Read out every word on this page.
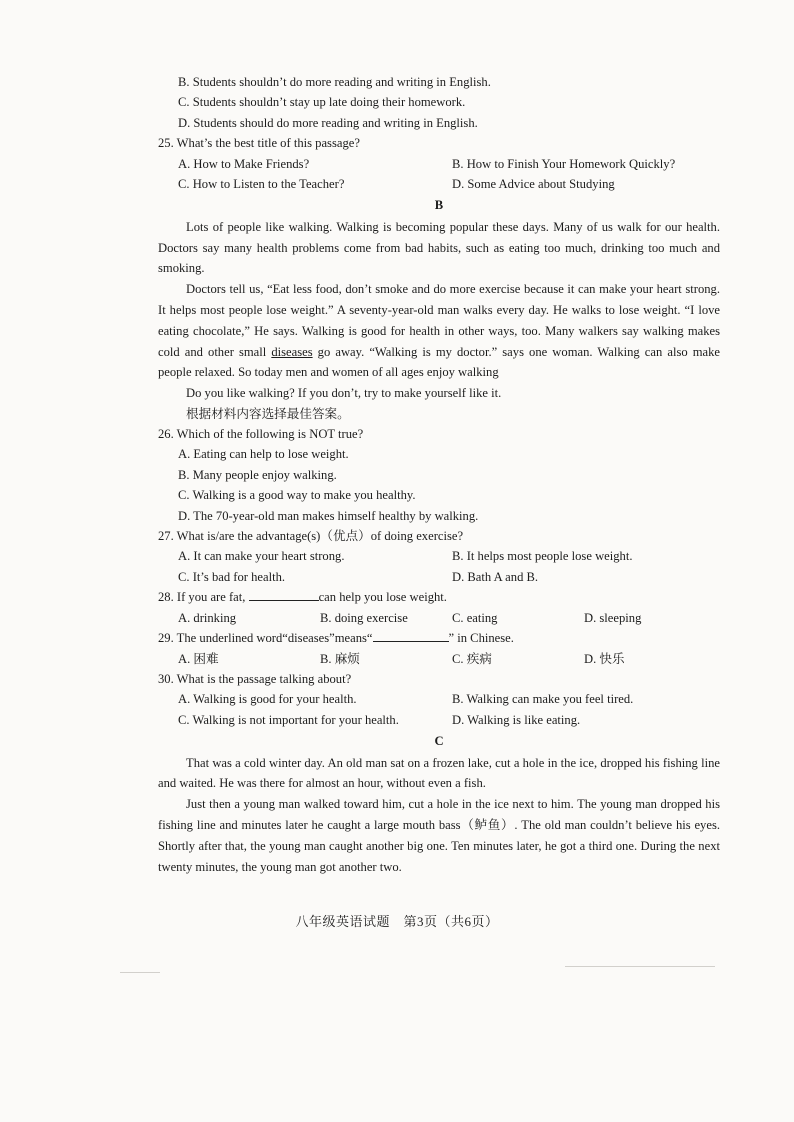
B. Students shouldn’t do more reading and writing in English.
C. Students shouldn’t stay up late doing their homework.
D. Students should do more reading and writing in English.
25. What’s the best title of this passage?
A. How to Make Friends?	B. How to Finish Your Homework Quickly?
C. How to Listen to the Teacher?	D. Some Advice about Studying
B

Lots of people like walking. Walking is becoming popular these days. Many of us walk for our health. Doctors say many health problems come from bad habits, such as eating too much, drinking too much and smoking.

Doctors tell us, “Eat less food, don’t smoke and do more exercise because it can make your heart strong. It helps most people lose weight.” A seventy-year-old man walks every day. He walks to lose weight. “I love eating chocolate,” He says. Walking is good for health in other ways, too. Many walkers say walking makes cold and other small diseases go away. “Walking is my doctor.” says one woman. Walking can also make people relaxed. So today men and women of all ages enjoy walking

Do you like walking? If you don’t, try to make yourself like it.
根据材料内容选择最佳答案。
26. Which of the following is NOT true?
A. Eating can help to lose weight.
B. Many people enjoy walking.
C. Walking is a good way to make you healthy.
D. The 70-year-old man makes himself healthy by walking.
27. What is/are the advantage(s)（优点）of doing exercise?
A. It can make your heart strong.	B. It helps most people lose weight.
C. It’s bad for health.	D. Bath A and B.
28. If you are fat,	can help you lose weight.
A. drinking	B. doing exercise	C. eating	D. sleeping
29. The underlined word“diseases”means“	” in Chinese.
A. 困难	B. 麻烦	C. 疾病	D. 快乐
30. What is the passage talking about?
A. Walking is good for your health.	B. Walking can make you feel tired.
C. Walking is not important for your health.	D. Walking is like eating.
C

That was a cold winter day. An old man sat on a frozen lake, cut a hole in the ice, dropped his fishing line and waited. He was there for almost an hour, without even a fish.

Just then a young man walked toward him, cut a hole in the ice next to him. The young man dropped his fishing line and minutes later he caught a large mouth bass（鲈鱼）. The old man couldn’t believe his eyes. Shortly after that, the young man caught another big one. Ten minutes later, he got a third one. During the next twenty minutes, the young man got another two.

八年级英语试题　第3页（共6页）
